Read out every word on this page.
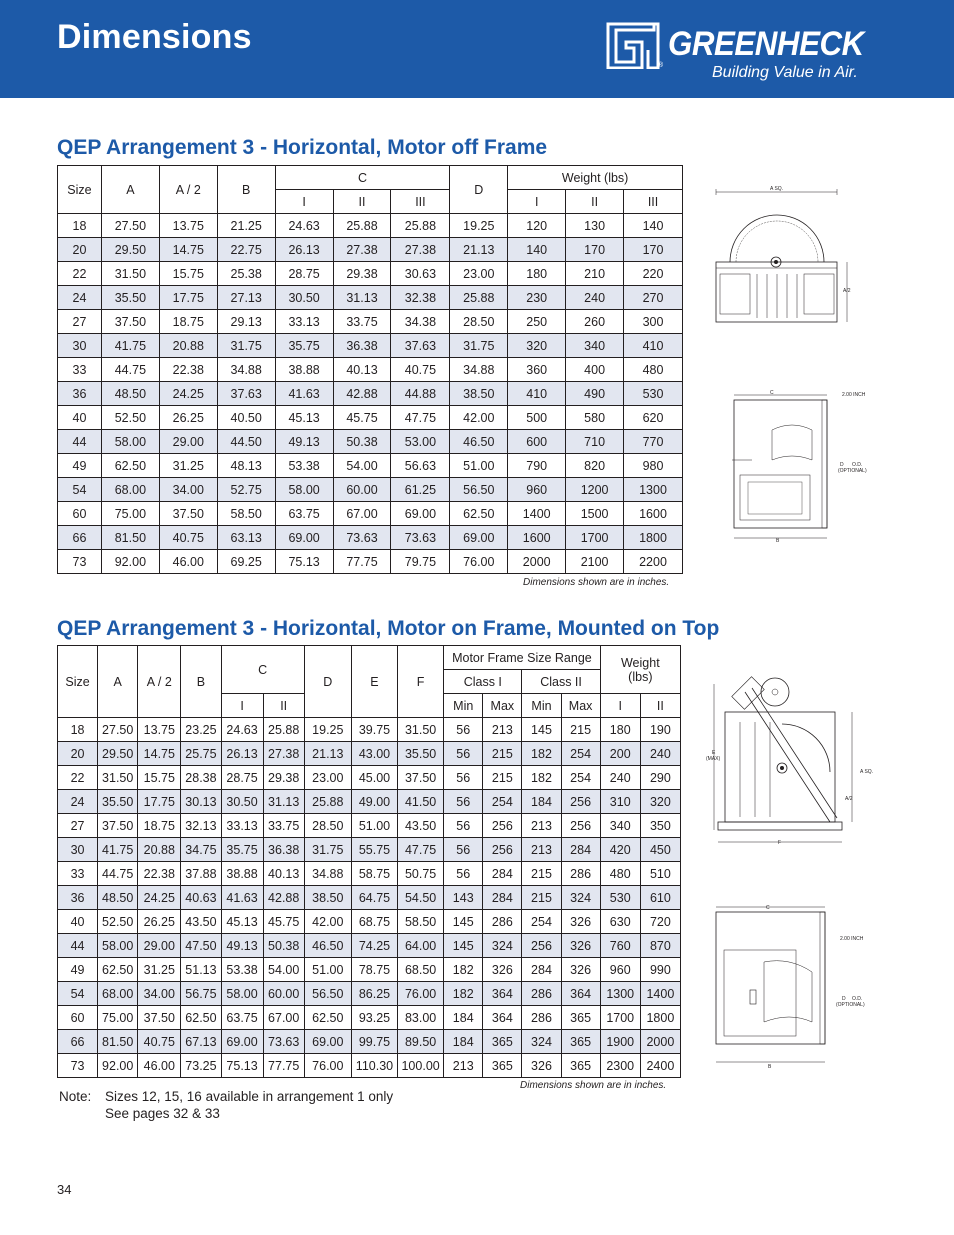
Dimensions	GREENHECK
®	Building Value in Air.
QEP Arrangement 3 - Horizontal, Motor off Frame
Size	A	A / 2	B	C			D	Weight (lbs)		
				I	II	III		I	II	III
18	27.50	13.75	21.25	24.63	25.88	25.88	19.25	120	130	140
20	29.50	14.75	22.75	26.13	27.38	27.38	21.13	140	170	170
22	31.50	15.75	25.38	28.75	29.38	30.63	23.00	180	210	220
24	35.50	17.75	27.13	30.50	31.13	32.38	25.88	230	240	270
27	37.50	18.75	29.13	33.13	33.75	34.38	28.50	250	260	300
30	41.75	20.88	31.75	35.75	36.38	37.63	31.75	320	340	410
33	44.75	22.38	34.88	38.88	40.13	40.75	34.88	360	400	480
36	48.50	24.25	37.63	41.63	42.88	44.88	38.50	410	490	530
40	52.50	26.25	40.50	45.13	45.75	47.75	42.00	500	580	620
44	58.00	29.00	44.50	49.13	50.38	53.00	46.50	600	710	770
49	62.50	31.25	48.13	53.38	54.00	56.63	51.00	790	820	980
54	68.00	34.00	52.75	58.00	60.00	61.25	56.50	960	1200	1300
60	75.00	37.50	58.50	63.75	67.00	69.00	62.50	1400	1500	1600
66	81.50	40.75	63.13	69.00	73.63	73.63	69.00	1600	1700	1800
73	92.00	46.00	69.25	75.13	77.75	79.75	76.00	2000	2100	2200
Dimensions shown are in inches.
A SQ.
A/2
C	2.00 INCH
D O.D.
(OPTIONAL)
B
QEP Arrangement 3 - Horizontal, Motor on Frame, Mounted on Top
Size	A	A / 2	B	C		D	E	F	Motor Frame Size Range				Weight
(lbs)	
									Class I		Class II			
				I	II				Min	Max	Min	Max	I	II
18	27.50	13.75	23.25	24.63	25.88	19.25	39.75	31.50	56	213	145	215	180	190
20	29.50	14.75	25.75	26.13	27.38	21.13	43.00	35.50	56	215	182	254	200	240
22	31.50	15.75	28.38	28.75	29.38	23.00	45.00	37.50	56	215	182	254	240	290
24	35.50	17.75	30.13	30.50	31.13	25.88	49.00	41.50	56	254	184	256	310	320
27	37.50	18.75	32.13	33.13	33.75	28.50	51.00	43.50	56	256	213	256	340	350
30	41.75	20.88	34.75	35.75	36.38	31.75	55.75	47.75	56	256	213	284	420	450
33	44.75	22.38	37.88	38.88	40.13	34.88	58.75	50.75	56	284	215	286	480	510
36	48.50	24.25	40.63	41.63	42.88	38.50	64.75	54.50	143	284	215	324	530	610
40	52.50	26.25	43.50	45.13	45.75	42.00	68.75	58.50	145	286	254	326	630	720
44	58.00	29.00	47.50	49.13	50.38	46.50	74.25	64.00	145	324	256	326	760	870
49	62.50	31.25	51.13	53.38	54.00	51.00	78.75	68.50	182	326	284	326	960	990
54	68.00	34.00	56.75	58.00	60.00	56.50	86.25	76.00	182	364	286	364	1300	1400
60	75.00	37.50	62.50	63.75	67.00	62.50	93.25	83.00	184	364	286	365	1700	1800
66	81.50	40.75	67.13	69.00	73.63	69.00	99.75	89.50	184	365	324	365	1900	2000
73	92.00	46.00	73.25	75.13	77.75	76.00	110.30	100.00	213	365	326	365	2300	2400
Dimensions shown are in inches.
E
(MAX)
A SQ.
A/2
F
C
2.00 INCH
D O.D.
(OPTIONAL)
B
Note: Sizes 12, 15, 16 available in arrangement 1 only
See pages 32 & 33
34
